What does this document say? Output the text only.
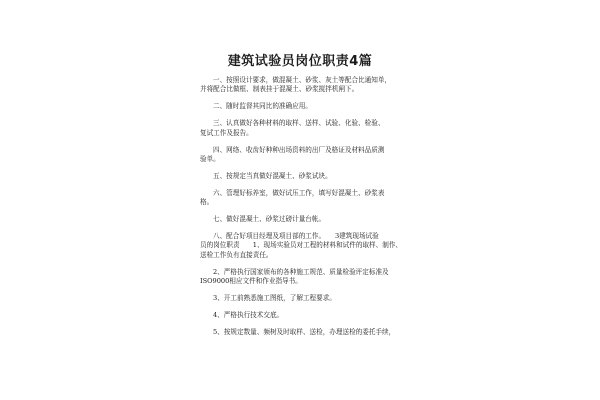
建筑试验员岗位职责4篇
一、按照设计要求，做混凝土、砂浆、灰土等配合比通知单，
并将配合比做框、制表挂于混凝土、砂浆搅拌机闸下。
二、随时监督其同比的准确应用。
三、认真做好各种材料的取样、送样、试验、化验、检验、
复试工作及报告。
四、网络、收齿好种种出场资料的出厂及格证及材料品质测
验单。
五、按规定当真做好混凝土、砂浆试块。
六、管理好标养室，做好试压工作，填写好混凝土、砂浆表
格。
七、做好混凝土、砂浆过磅计量台帐。
八、配合好项目经理及项目部的工作。　　3建筑现场试验
员的岗位职责　　1、现场实验员对工程的材料和试件的取样、制作、
送检工作负有直接责任。
2、严格执行国家颁布的各种施工规范、质量检验评定标准及
ISO9000相应文件和作业指导书。
3、开工前熟悉施工图纸，了解工程要求。
4、严格执行技术交底。
5、按规定数量、频树及时取样、送检，办理送检的委托手续，
